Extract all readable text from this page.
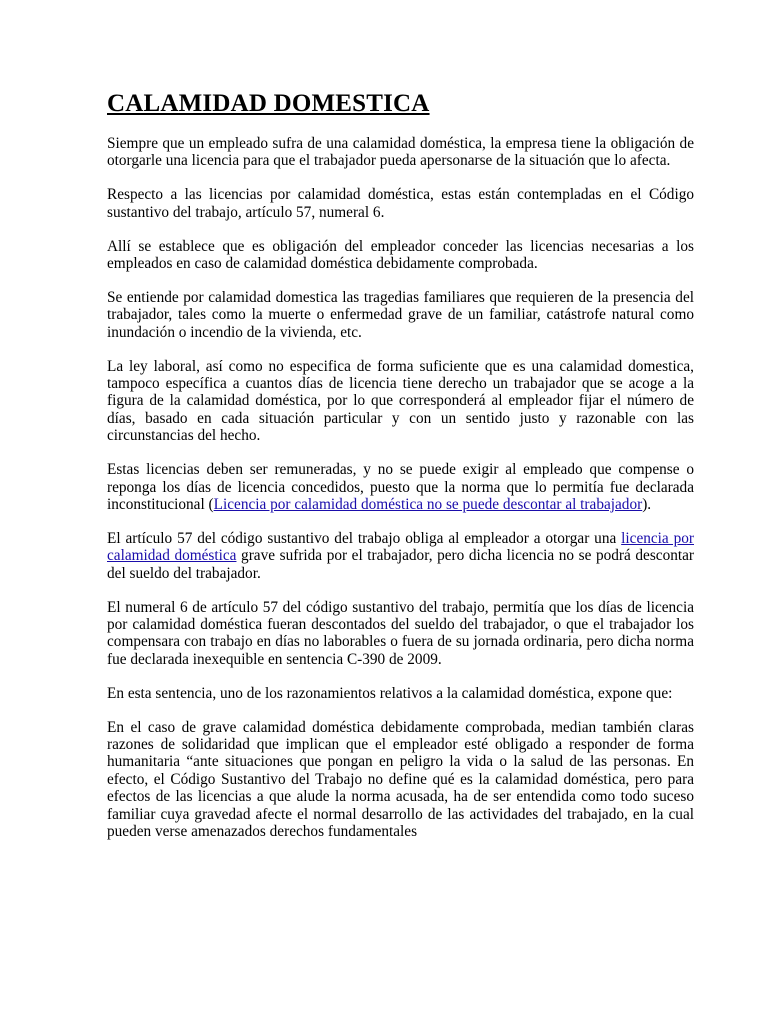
CALAMIDAD DOMESTICA

Siempre que un empleado sufra de una calamidad doméstica, la empresa tiene la obligación de otorgarle una licencia para que el trabajador pueda apersonarse de la situación que lo afecta.

Respecto a las licencias por calamidad doméstica, estas están contempladas en el Código sustantivo del trabajo, artículo 57, numeral 6.

Allí se establece que es obligación del empleador conceder las licencias necesarias a los empleados en caso de calamidad doméstica debidamente comprobada.

Se entiende por calamidad domestica las tragedias familiares que requieren de la presencia del trabajador, tales como la muerte o enfermedad grave de un familiar, catástrofe natural como inundación o incendio de la vivienda, etc.

La ley laboral, así como no especifica de forma suficiente que es una calamidad domestica, tampoco específica a cuantos días de licencia tiene derecho un trabajador que se acoge a la figura de la calamidad doméstica, por lo que corresponderá al empleador fijar el número de días, basado en cada situación particular y con un sentido justo y razonable con las circunstancias del hecho.

Estas licencias deben ser remuneradas, y no se puede exigir al empleado que compense o reponga los días de licencia concedidos, puesto que la norma que lo permitía fue declarada inconstitucional (Licencia por calamidad doméstica no se puede descontar al trabajador).

El artículo 57 del código sustantivo del trabajo obliga al empleador a otorgar una licencia por calamidad doméstica grave sufrida por el trabajador, pero dicha licencia no se podrá descontar del sueldo del trabajador.

El numeral 6 de artículo 57 del código sustantivo del trabajo, permitía que los días de licencia por calamidad doméstica fueran descontados del sueldo del trabajador, o que el trabajador los compensara con trabajo en días no laborables o fuera de su jornada ordinaria, pero dicha norma fue declarada inexequible en sentencia C-390 de 2009.

En esta sentencia, uno de los razonamientos relativos a la calamidad doméstica, expone que:

En el caso de grave calamidad doméstica debidamente comprobada, median también claras razones de solidaridad que implican que el empleador esté obligado a responder de forma humanitaria “ante situaciones que pongan en peligro la vida o la salud de las personas. En efecto, el Código Sustantivo del Trabajo no define qué es la calamidad doméstica, pero para efectos de las licencias a que alude la norma acusada, ha de ser entendida como todo suceso familiar cuya gravedad afecte el normal desarrollo de las actividades del trabajado, en la cual pueden verse amenazados derechos fundamentales
